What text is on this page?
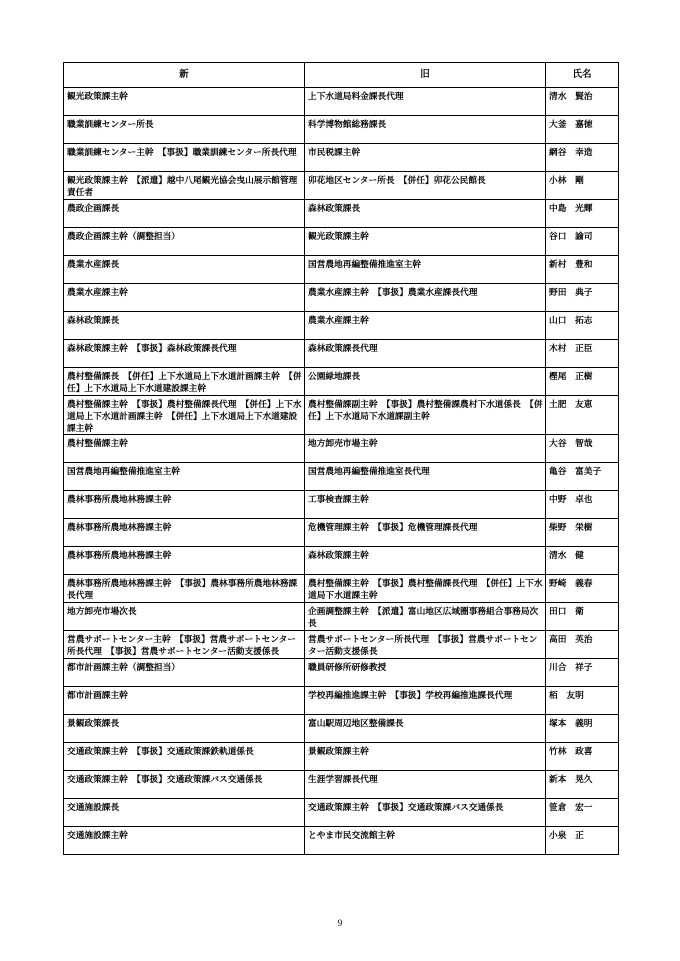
新	旧	氏名
観光政策課主幹	上下水道局料金課長代理	清水　賢治
職業訓練センター所長	科学博物館総務課長	大釜　嘉徳
職業訓練センター主幹　【事扱】職業訓練センター所長代理	市民税課主幹	網谷　幸造
観光政策課主幹　【派遣】越中八尾観光協会曳山展示館管理責任者	卯花地区センター所長　【併任】卯花公民館長	小林　剛
農政企画課長	森林政策課長	中島　光輝
農政企画課主幹（調整担当）	観光政策課主幹	谷口　諭司
農業水産課長	国営農地再編整備推進室主幹	新村　豊和
農業水産課主幹	農業水産課主幹　【事扱】農業水産課長代理	野田　典子
森林政策課長	農業水産課主幹	山口　拓志
森林政策課主幹　【事扱】森林政策課長代理	森林政策課長代理	木村　正臣
農村整備課長　【併任】上下水道局上下水道計画課主幹　【併任】上下水道局上下水道建設課主幹	公園緑地課長	樫尾　正樹
農村整備課主幹　【事扱】農村整備課長代理　【併任】上下水道局上下水道計画課主幹　【併任】上下水道局上下水道建設課主幹	農村整備課副主幹　【事扱】農村整備課農村下水道係長　【併任】上下水道局下水道課副主幹	土肥　友恵
農村整備課主幹	地方卸売市場主幹	大谷　智哉
国営農地再編整備推進室主幹	国営農地再編整備推進室長代理	亀谷　富美子
農林事務所農地林務課主幹	工事検査課主幹	中野　卓也
農林事務所農地林務課主幹	危機管理課主幹　【事扱】危機管理課長代理	柴野　栄樹
農林事務所農地林務課主幹	森林政策課主幹	清水　健
農林事務所農地林務課主幹　【事扱】農林事務所農地林務課長代理	農村整備課主幹　【事扱】農村整備課長代理　【併任】上下水道局下水道課主幹	野崎　義春
地方卸売市場次長	企画調整課主幹　【派遣】富山地区広域圏事務組合事務局次長	田口　衛
営農サポートセンター主幹　【事扱】営農サポートセンター所長代理　【事扱】営農サポートセンター活動支援係長	営農サポートセンター所長代理　【事扱】営農サポートセンター活動支援係長	高田　英治
都市計画課主幹（調整担当）	職員研修所研修教授	川合　祥子
都市計画課主幹	学校再編推進課主幹　【事扱】学校再編推進課長代理	栢　友明
景観政策課長	富山駅周辺地区整備課長	塚本　義明
交通政策課主幹　【事扱】交通政策課鉄軌道係長	景観政策課主幹	竹林　政喜
交通政策課主幹　【事扱】交通政策課バス交通係長	生涯学習課長代理	新本　晃久
交通施設課長	交通政策課主幹　【事扱】交通政策課バス交通係長	笹倉　宏一
交通施設課主幹	とやま市民交流館主幹	小泉　正
9
